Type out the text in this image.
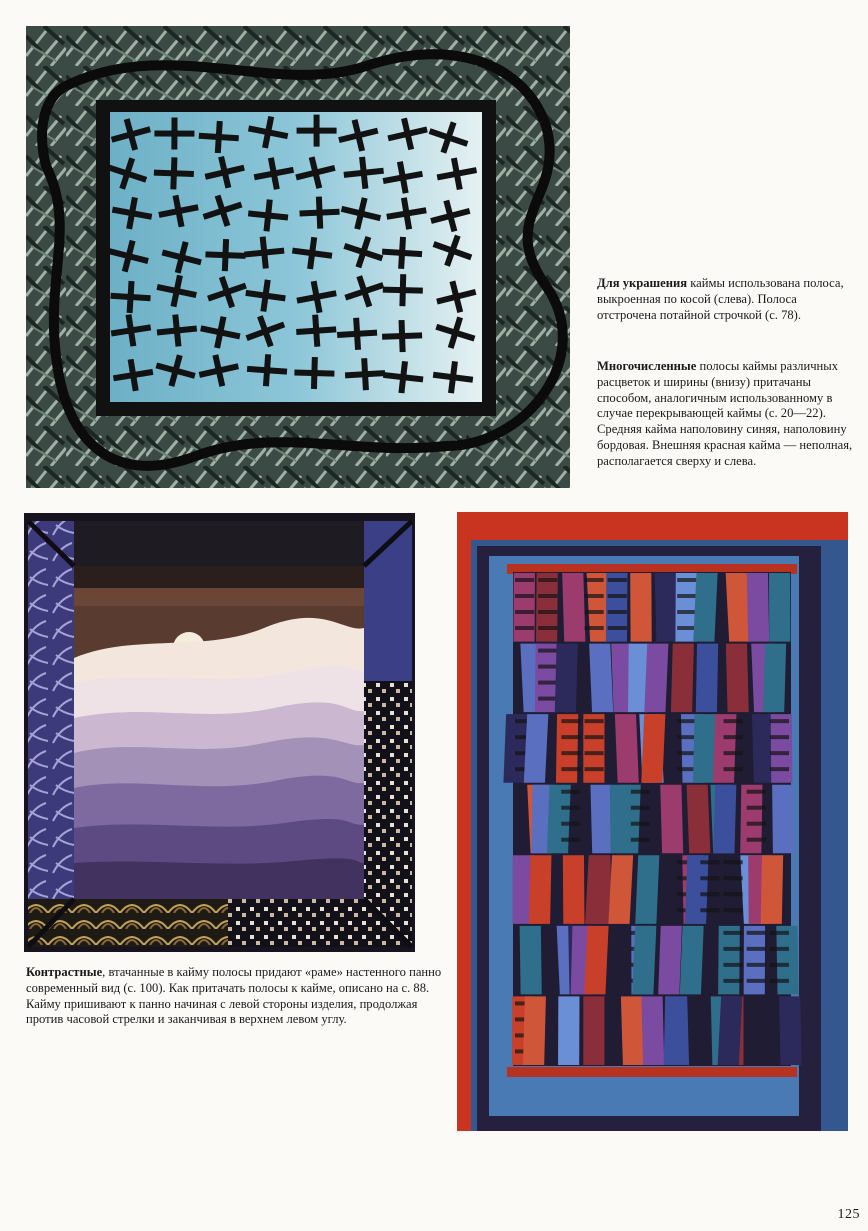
Для украшения каймы использована полоса, выкроенная по косой (слева). Полоса отстрочена потайной строчкой (с. 78).
Многочисленные полосы каймы различных расцветок и ширины (внизу) притачаны способом, аналогичным использованному в случае перекрывающей каймы (с. 20—22). Средняя кайма наполовину синяя, наполовину бордовая. Внешняя красная кайма — неполная, располагается сверху и слева.
Контрастные, втачанные в кайму полосы придают «раме» настенного панно современный вид (с. 100). Как притачать полосы к кайме, описано на с. 88. Кайму пришивают к панно начиная с левой стороны изделия, продолжая против часовой стрелки и заканчивая в верхнем левом углу.
125
